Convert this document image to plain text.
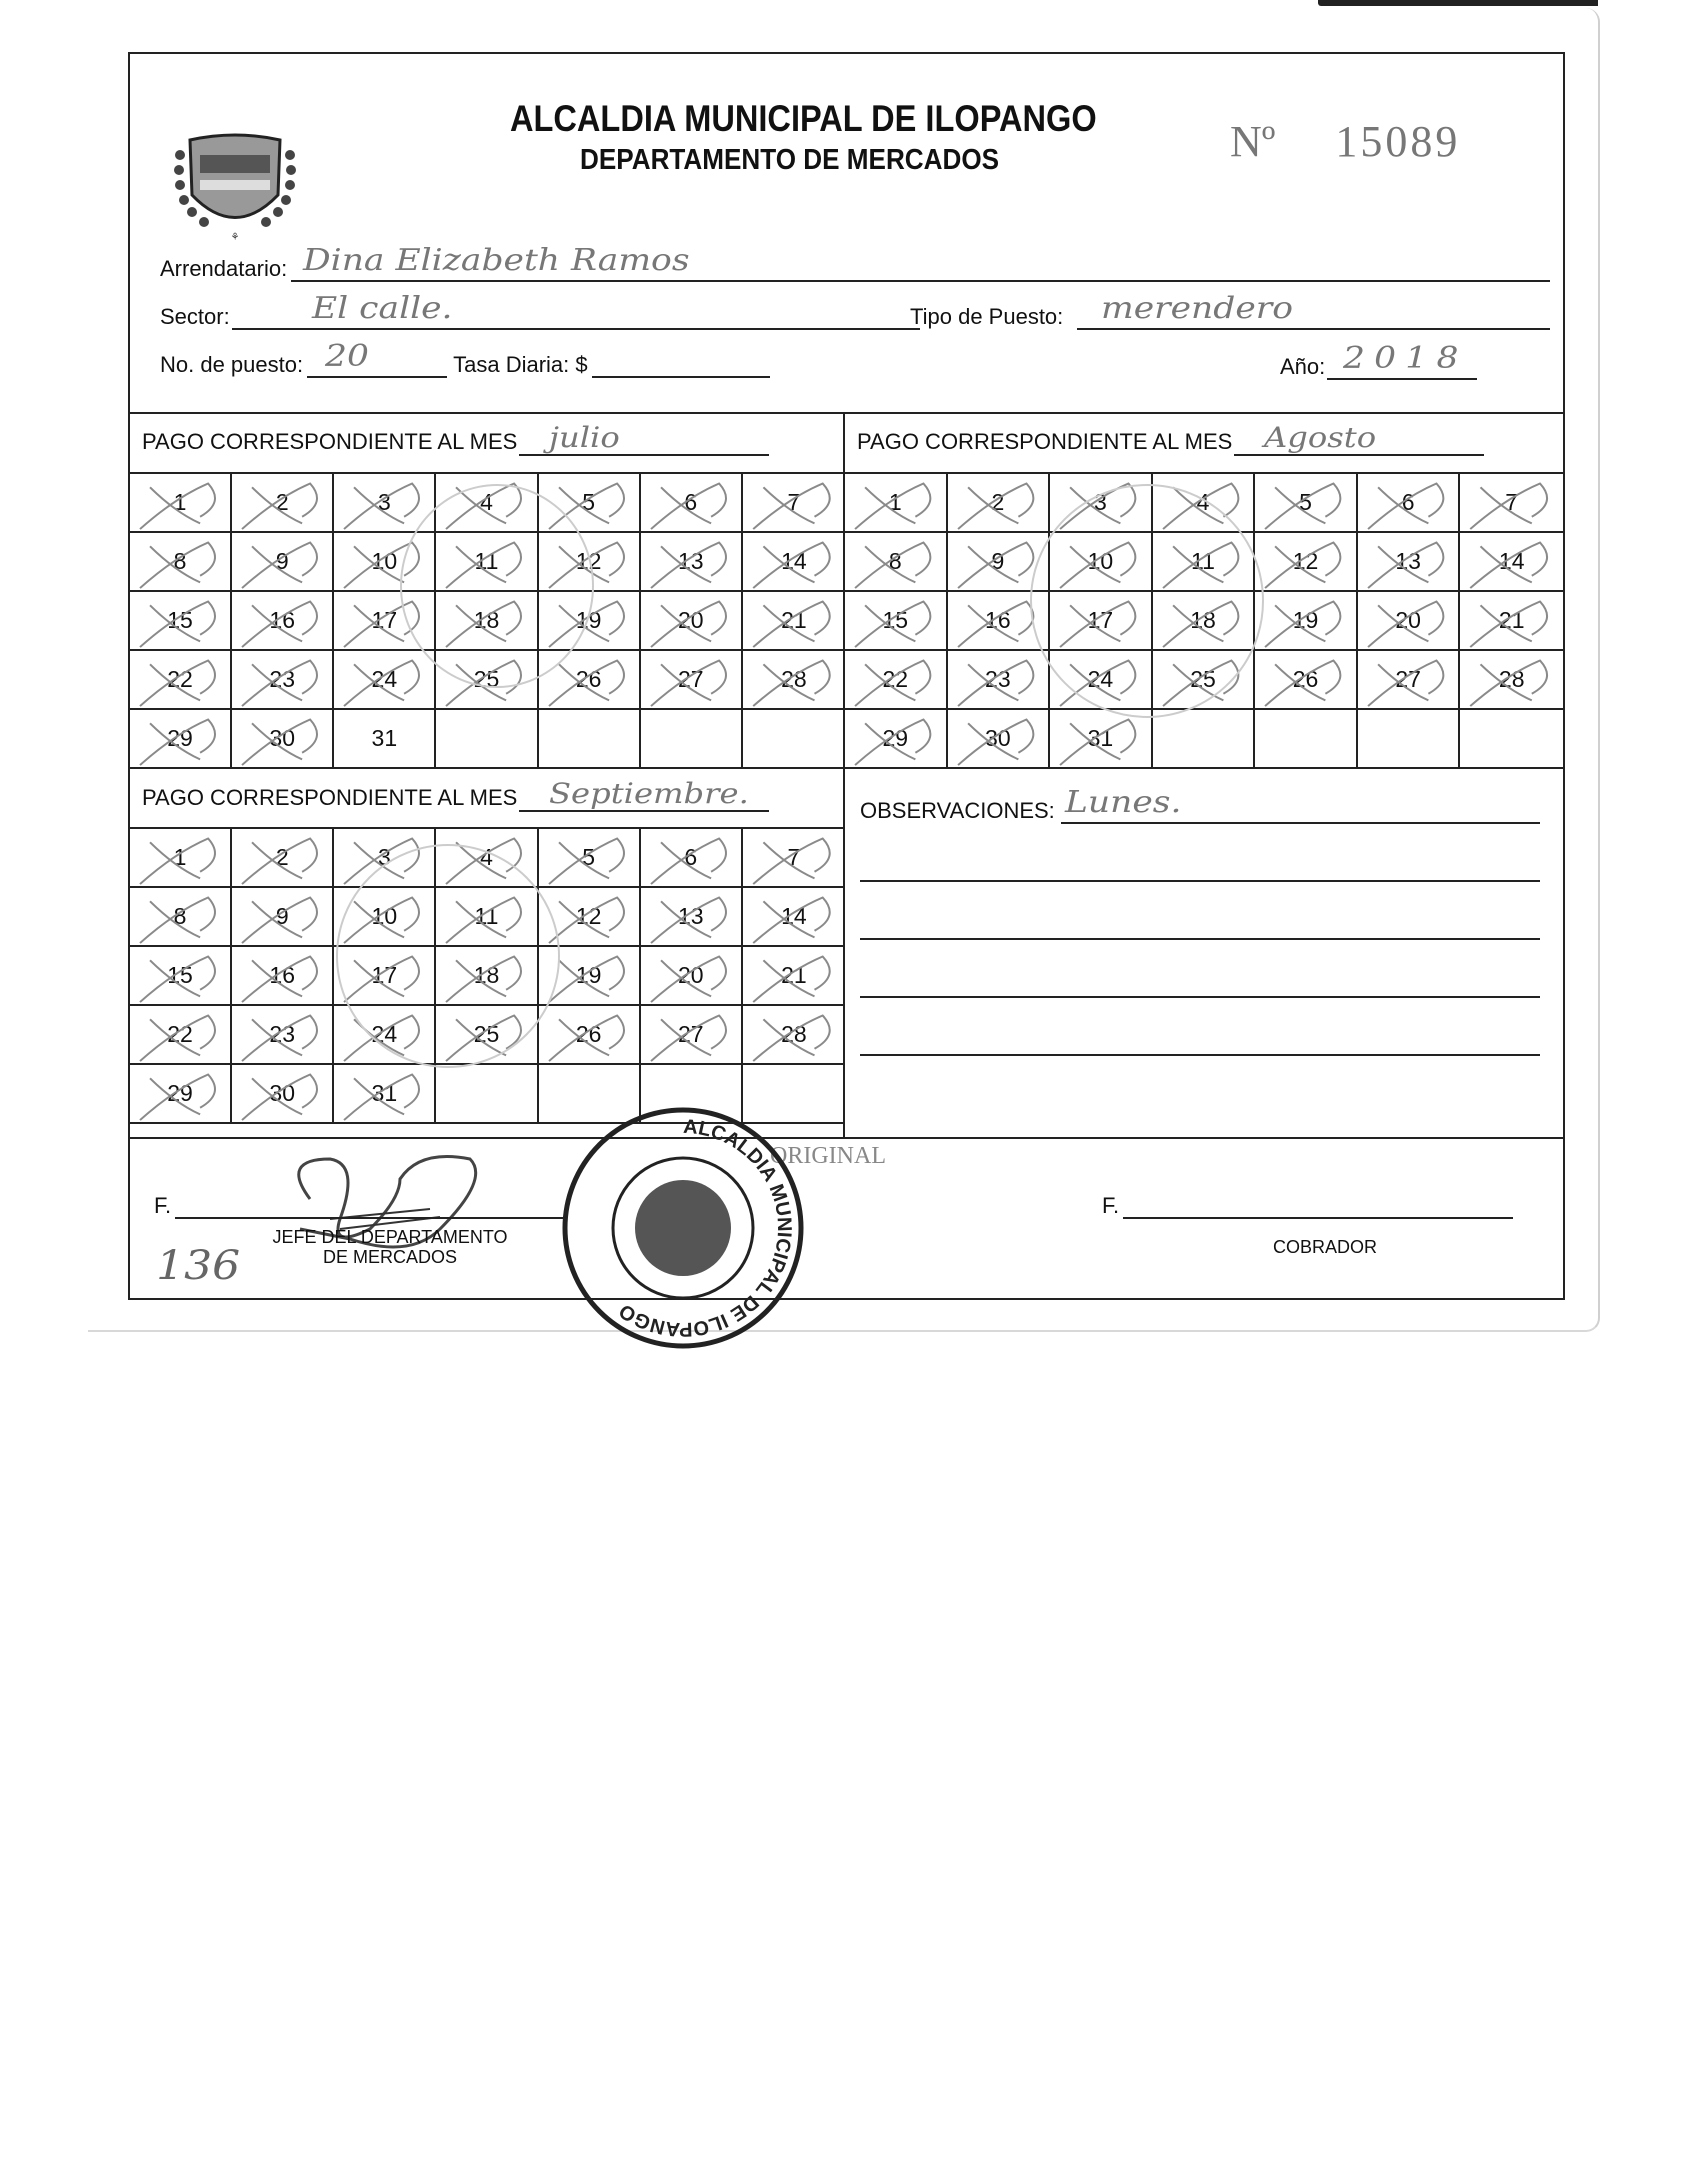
⚘
ALCALDIA MUNICIPAL DE ILOPANGO
DEPARTAMENTO DE MERCADOS	Nº 15089
Arrendatario: Dina Elizabeth Ramos
Sector:	El calle.	Tipo de Puesto: merendero
No. de puesto: 20	Tasa Diaria: $	Año: 2018
PAGO CORRESPONDIENTE AL MES julio
1	2	3	4	5	6	7
8	9	10	11	12	13	14
15	16	17	18	19	20	21
22	23	24	25	26	27	28
29	30	31
PAGO CORRESPONDIENTE AL MES Agosto
1	2	3	4	5	6	7
8	9	10	11	12	13	14
15	16	17	18	19	20	21
22	23	24	25	26	27	28
29	30	31
PAGO CORRESPONDIENTE AL MES Septiembre.
1	2	3	4	5	6	7
8	9	10	11	12	13	14
15	16	17	18	19	20	21
22	23	24	25	26	27	28
29	30	31
OBSERVACIONES: Lunes.
ORIGINAL
F.
JEFE DEL DEPARTAMENTO
DE MERCADOS
136
ALCALDIA MUNICIPAL DE ILOPANGO
F.
COBRADOR
